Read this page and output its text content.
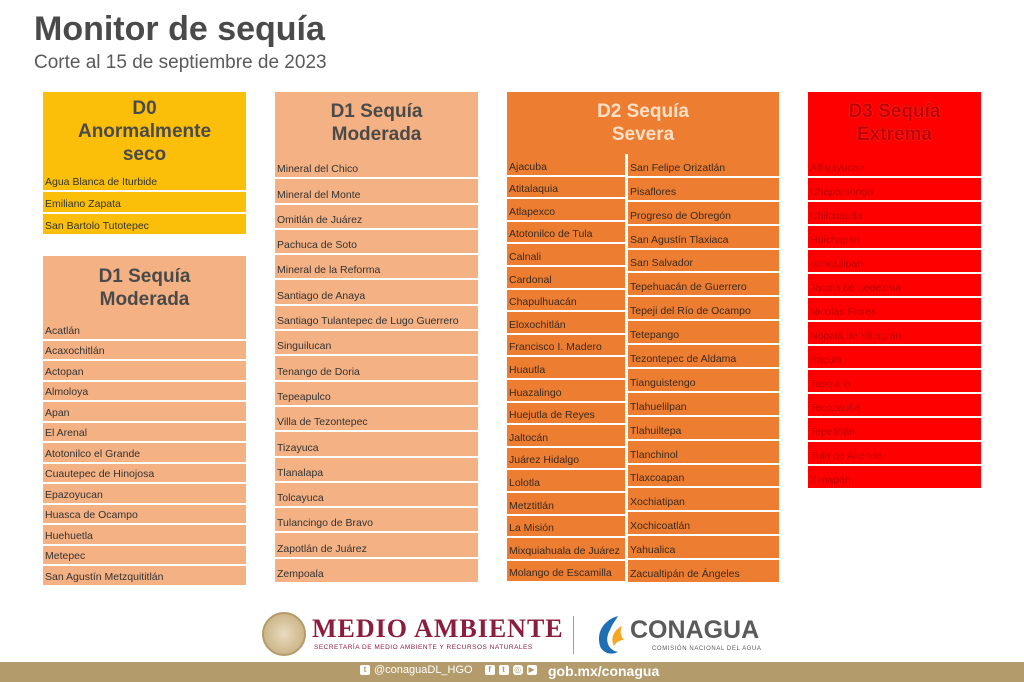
Monitor de sequía
Corte al 15 de septiembre de 2023
D0
Anormalmente
seco
Agua Blanca de Iturbide
Emiliano Zapata
San Bartolo Tutotepec
D1 Sequía
Moderada
Acatlán
Acaxochitlán
Actopan
Almoloya
Apan
El Arenal
Atotonilco el Grande
Cuautepec de Hinojosa
Epazoyucan
Huasca de Ocampo
Huehuetla
Metepec
San Agustín Metzquititlán
D1 Sequía
Moderada
Mineral del Chico
Mineral del Monte
Omitlán de Juárez
Pachuca de Soto
Mineral de la Reforma
Santiago de Anaya
Santiago Tulantepec de Lugo Guerrero
Singuilucan
Tenango de Doria
Tepeapulco
Villa de Tezontepec
Tizayuca
Tlanalapa
Tolcayuca
Tulancingo de Bravo
Zapotlán de Juárez
Zempoala
D2 Sequía
Severa
Ajacuba
Atitalaquia
Atlapexco
Atotonilco de Tula
Calnali
Cardonal
Chapulhuacán
Eloxochitlán
Francisco I. Madero
Huautla
Huazalingo
Huejutla de Reyes
Jaltocán
Juárez Hidalgo
Lolotla
Metztitlán
La Misión
Mixquiahuala de Juárez
Molango de Escamilla
San Felipe Orizatlán
Pisaflores
Progreso de Obregón
San Agustín Tlaxiaca
San Salvador
Tepehuacán de Guerrero
Tepeji del Río de Ocampo
Tetepango
Tezontepec de Aldama
Tianguistengo
Tlahuelilpan
Tlahuiltepa
Tlanchinol
Tlaxcoapan
Xochiatipan
Xochicoatlán
Yahualica
Zacualtipán de Ángeles
D3 Sequía
Extrema
Alfajayucan
Chapantongo
Chilcuautla
Huichapan
Ixmiquilpan
Jacala de Ledezma
Nicolás Flores
Nopala de Villagrán
Pacula
Tasquillo
Tecozautla
Tepetitlán
Tula de Allende
Zimapán
MEDIO AMBIENTE
SECRETARÍA DE MEDIO AMBIENTE Y RECURSOS NATURALES
CONAGUA
COMISIÓN NACIONAL DEL AGUA
t @conaguaDL_HGO	f	t	◎ ▶ gob.mx/conagua
